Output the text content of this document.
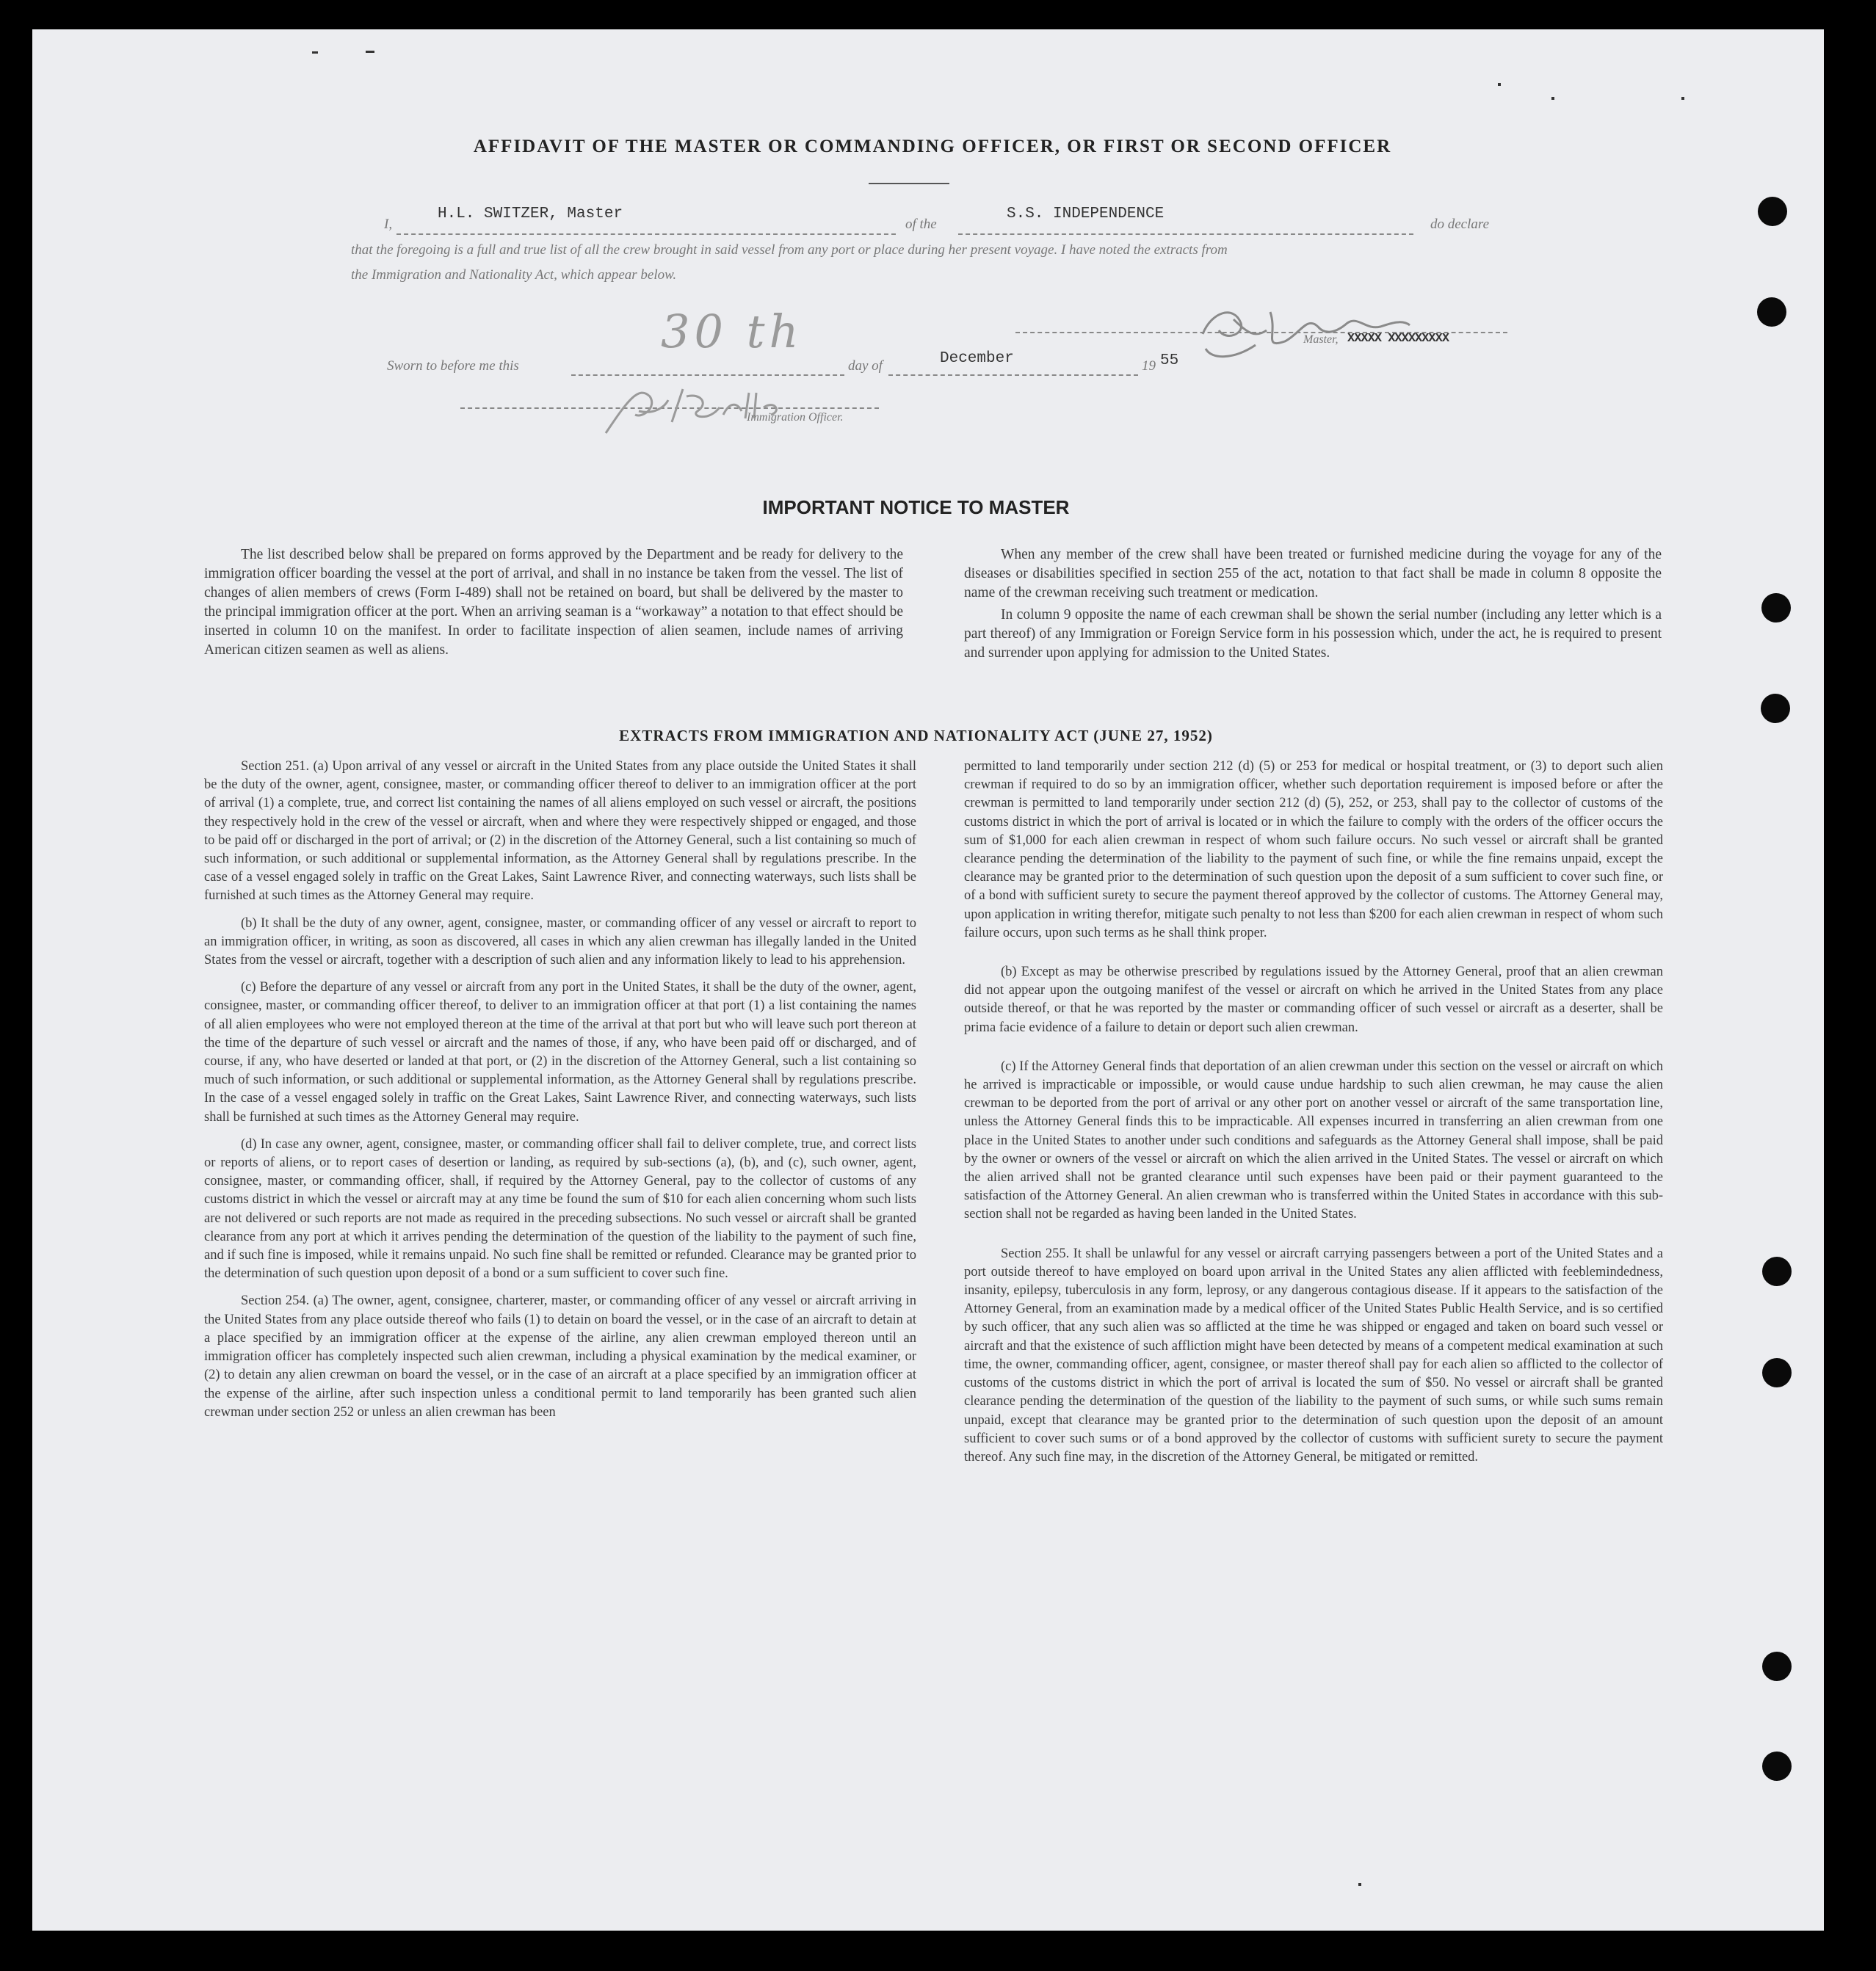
AFFIDAVIT OF THE MASTER OR COMMANDING OFFICER, OR FIRST OR SECOND OFFICER
I,
H.L. SWITZER, Master
of the
S.S. INDEPENDENCE
do declare
that the foregoing is a full and true list of all the crew brought in said vessel from any port or place during her present voyage. I have noted the extracts from
the Immigration and Nationality Act, which appear below.
Master, XXXXX XXXXXXXXX
Sworn to before me this
30 th
day of	December	19 55
Immigration Officer.
IMPORTANT NOTICE TO MASTER

The list described below shall be prepared on forms approved by the Department and be ready for delivery to the immigration officer boarding the vessel at the port of arrival, and shall in no instance be taken from the vessel. The list of changes of alien members of crews (Form I-489) shall not be retained on board, but shall be delivered by the master to the principal immigration officer at the port. When an arriving seaman is a “workaway” a notation to that effect should be inserted in column 10 on the manifest. In order to facilitate inspection of alien seamen, include names of arriving American citizen seamen as well as aliens.

When any member of the crew shall have been treated or furnished medicine during the voyage for any of the diseases or disabilities specified in section 255 of the act, notation to that fact shall be made in column 8 opposite the name of the crewman receiving such treatment or medication.

In column 9 opposite the name of each crewman shall be shown the serial number (including any letter which is a part thereof) of any Immigration or Foreign Service form in his possession which, under the act, he is required to present and surrender upon applying for admission to the United States.

EXTRACTS FROM IMMIGRATION AND NATIONALITY ACT (JUNE 27, 1952)

Section 251. (a) Upon arrival of any vessel or aircraft in the United States from any place outside the United States it shall be the duty of the owner, agent, consignee, master, or commanding officer thereof to deliver to an immigration officer at the port of arrival (1) a complete, true, and correct list containing the names of all aliens employed on such vessel or aircraft, the positions they respectively hold in the crew of the vessel or aircraft, when and where they were respectively shipped or engaged, and those to be paid off or discharged in the port of arrival; or (2) in the discretion of the Attorney General, such a list containing so much of such information, or such additional or supplemental information, as the Attorney General shall by regulations prescribe. In the case of a vessel engaged solely in traffic on the Great Lakes, Saint Lawrence River, and connecting waterways, such lists shall be furnished at such times as the Attorney General may require.

(b) It shall be the duty of any owner, agent, consignee, master, or commanding officer of any vessel or aircraft to report to an immigration officer, in writing, as soon as discovered, all cases in which any alien crewman has illegally landed in the United States from the vessel or aircraft, together with a description of such alien and any information likely to lead to his apprehension.

(c) Before the departure of any vessel or aircraft from any port in the United States, it shall be the duty of the owner, agent, consignee, master, or commanding officer thereof, to deliver to an immigration officer at that port (1) a list containing the names of all alien employees who were not employed thereon at the time of the arrival at that port but who will leave such port thereon at the time of the departure of such vessel or aircraft and the names of those, if any, who have been paid off or discharged, and of course, if any, who have deserted or landed at that port, or (2) in the discretion of the Attorney General, such a list containing so much of such information, or such additional or supplemental information, as the Attorney General shall by regulations prescribe. In the case of a vessel engaged solely in traffic on the Great Lakes, Saint Lawrence River, and connecting waterways, such lists shall be furnished at such times as the Attorney General may require.

(d) In case any owner, agent, consignee, master, or commanding officer shall fail to deliver complete, true, and correct lists or reports of aliens, or to report cases of desertion or landing, as required by sub-sections (a), (b), and (c), such owner, agent, consignee, master, or commanding officer, shall, if required by the Attorney General, pay to the collector of customs of any customs district in which the vessel or aircraft may at any time be found the sum of $10 for each alien concerning whom such lists are not delivered or such reports are not made as required in the preceding subsections. No such vessel or aircraft shall be granted clearance from any port at which it arrives pending the determination of the question of the liability to the payment of such fine, and if such fine is imposed, while it remains unpaid. No such fine shall be remitted or refunded. Clearance may be granted prior to the determination of such question upon deposit of a bond or a sum sufficient to cover such fine.

Section 254. (a) The owner, agent, consignee, charterer, master, or commanding officer of any vessel or aircraft arriving in the United States from any place outside thereof who fails (1) to detain on board the vessel, or in the case of an aircraft to detain at a place specified by an immigration officer at the expense of the airline, any alien crewman employed thereon until an immigration officer has completely inspected such alien crewman, including a physical examination by the medical examiner, or (2) to detain any alien crewman on board the vessel, or in the case of an aircraft at a place specified by an immigration officer at the expense of the airline, after such inspection unless a conditional permit to land temporarily has been granted such alien crewman under section 252 or unless an alien crewman has been

permitted to land temporarily under section 212 (d) (5) or 253 for medical or hospital treatment, or (3) to deport such alien crewman if required to do so by an immigration officer, whether such deportation requirement is imposed before or after the crewman is permitted to land temporarily under section 212 (d) (5), 252, or 253, shall pay to the collector of customs of the customs district in which the port of arrival is located or in which the failure to comply with the orders of the officer occurs the sum of $1,000 for each alien crewman in respect of whom such failure occurs. No such vessel or aircraft shall be granted clearance pending the determination of the liability to the payment of such fine, or while the fine remains unpaid, except the clearance may be granted prior to the determination of such question upon the deposit of a sum sufficient to cover such fine, or of a bond with sufficient surety to secure the payment thereof approved by the collector of customs. The Attorney General may, upon application in writing therefor, mitigate such penalty to not less than $200 for each alien crewman in respect of whom such failure occurs, upon such terms as he shall think proper.

(b) Except as may be otherwise prescribed by regulations issued by the Attorney General, proof that an alien crewman did not appear upon the outgoing manifest of the vessel or aircraft on which he arrived in the United States from any place outside thereof, or that he was reported by the master or commanding officer of such vessel or aircraft as a deserter, shall be prima facie evidence of a failure to detain or deport such alien crewman.

(c) If the Attorney General finds that deportation of an alien crewman under this section on the vessel or aircraft on which he arrived is impracticable or impossible, or would cause undue hardship to such alien crewman, he may cause the alien crewman to be deported from the port of arrival or any other port on another vessel or aircraft of the same transportation line, unless the Attorney General finds this to be impracticable. All expenses incurred in transferring an alien crewman from one place in the United States to another under such conditions and safeguards as the Attorney General shall impose, shall be paid by the owner or owners of the vessel or aircraft on which the alien arrived in the United States. The vessel or aircraft on which the alien arrived shall not be granted clearance until such expenses have been paid or their payment guaranteed to the satisfaction of the Attorney General. An alien crewman who is transferred within the United States in accordance with this sub-section shall not be regarded as having been landed in the United States.

Section 255. It shall be unlawful for any vessel or aircraft carrying passengers between a port of the United States and a port outside thereof to have employed on board upon arrival in the United States any alien afflicted with feeblemindedness, insanity, epilepsy, tuberculosis in any form, leprosy, or any dangerous contagious disease. If it appears to the satisfaction of the Attorney General, from an examination made by a medical officer of the United States Public Health Service, and is so certified by such officer, that any such alien was so afflicted at the time he was shipped or engaged and taken on board such vessel or aircraft and that the existence of such affliction might have been detected by means of a competent medical examination at such time, the owner, commanding officer, agent, consignee, or master thereof shall pay for each alien so afflicted to the collector of customs of the customs district in which the port of arrival is located the sum of $50. No vessel or aircraft shall be granted clearance pending the determination of the question of the liability to the payment of such sums, or while such sums remain unpaid, except that clearance may be granted prior to the determination of such question upon the deposit of an amount sufficient to cover such sums or of a bond approved by the collector of customs with sufficient surety to secure the payment thereof. Any such fine may, in the discretion of the Attorney General, be mitigated or remitted.
